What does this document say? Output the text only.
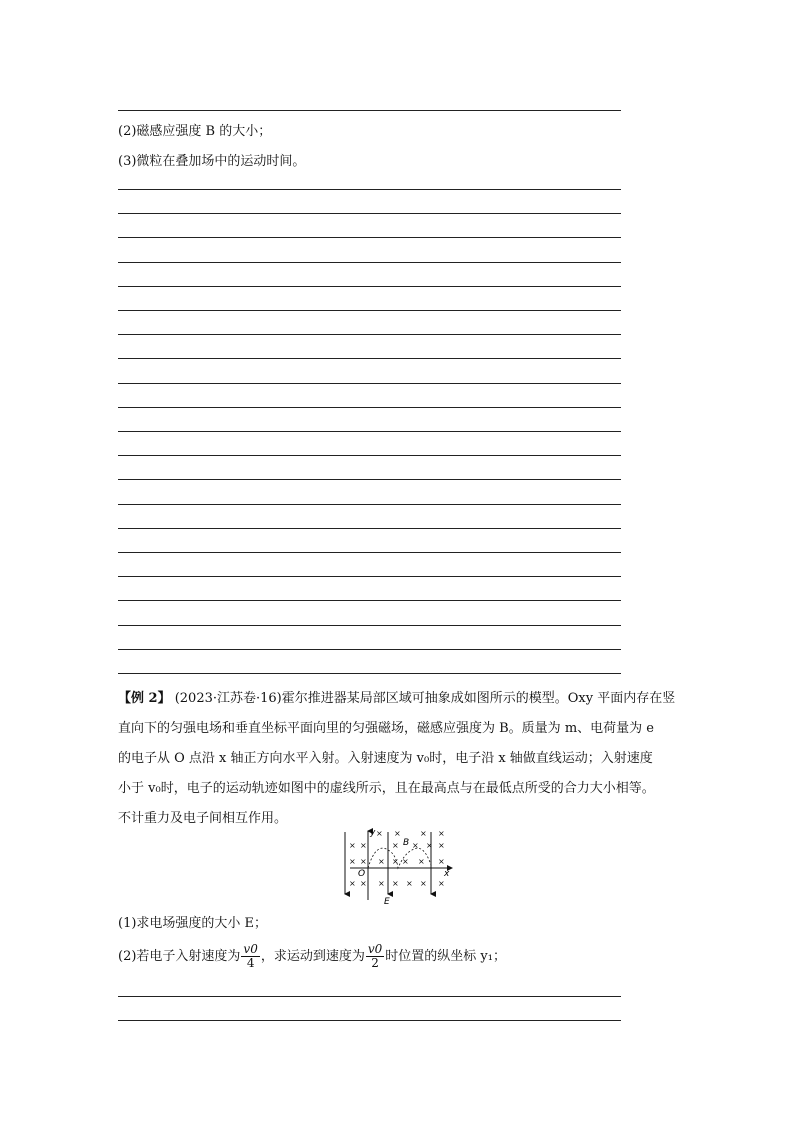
(2)磁感应强度 B 的大小；
(3)微粒在叠加场中的运动时间。
【例 2】 (2023·江苏卷·16)霍尔推进器某局部区域可抽象成如图所示的模型。Oxy 平面内存在竖
直向下的匀强电场和垂直坐标平面向里的匀强磁场，磁感应强度为 B。质量为 m、电荷量为 e
的电子从 O 点沿 x 轴正方向水平入射。入射速度为 v₀时，电子沿 x 轴做直线运动；入射速度
小于 v₀时，电子的运动轨迹如图中的虚线所示，且在最高点与在最低点所受的合力大小相等。
不计重力及电子间相互作用。
× ×	× × × ×
× × × × × × ×
× × × × × × ×
× × × ×
y
x
O
B
E
(1)求电场强度的大小 E；
(2)若电子入射速度为 $\frac{v0}{4}$ ，求运动到速度为 $\frac{v0}{2}$ 时位置的纵坐标 y₁；
